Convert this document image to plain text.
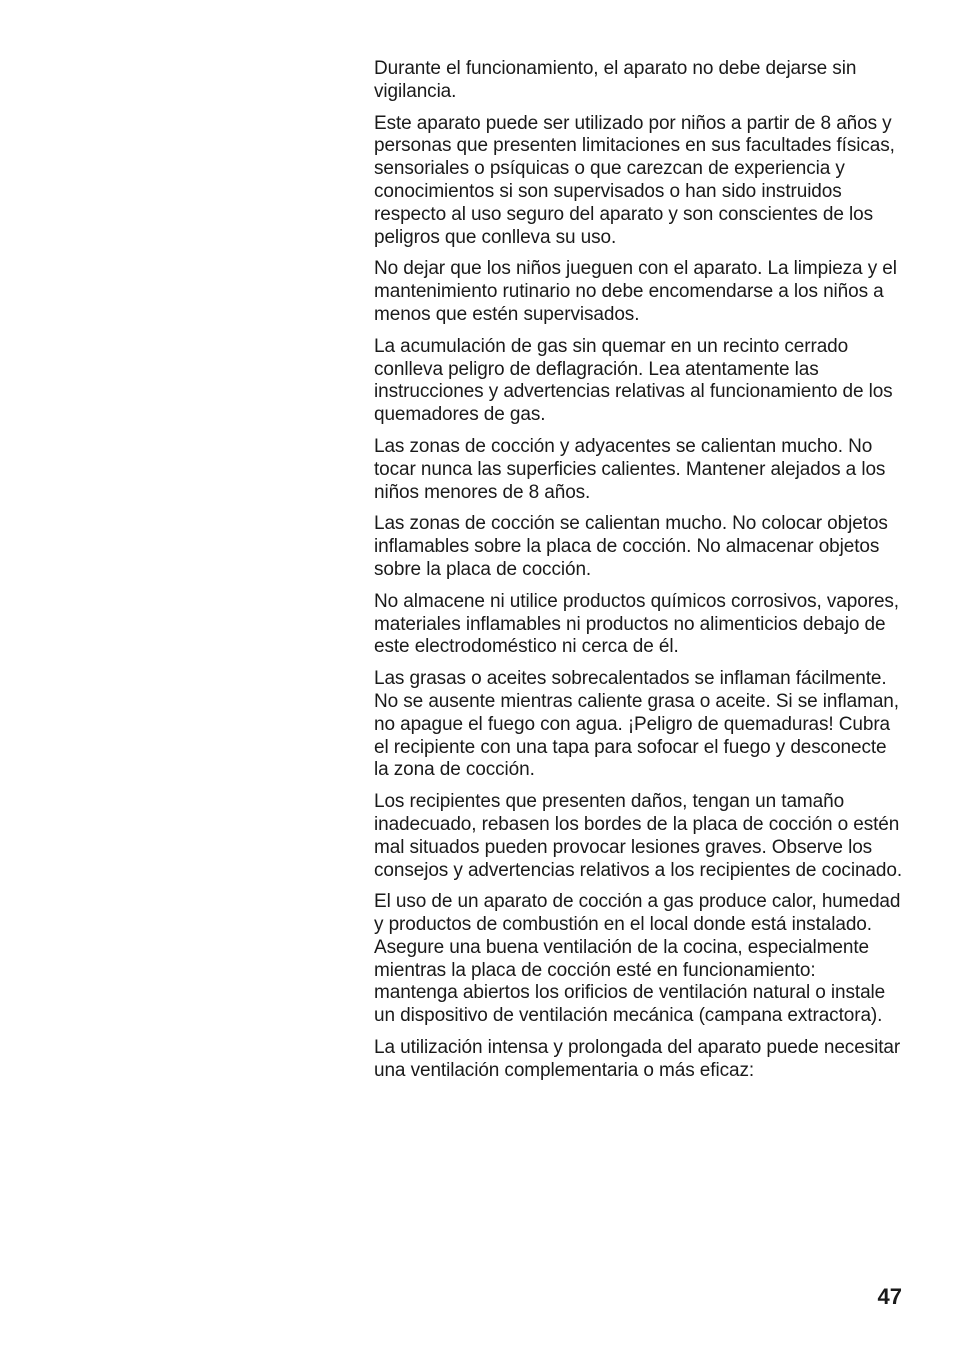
Durante el funcionamiento, el aparato no debe dejarse sin vigilancia.

Este aparato puede ser utilizado por niños a partir de 8 años y personas que presenten limitaciones en sus facultades físicas, sensoriales o psíquicas o que carezcan de experiencia y conocimientos si son supervisados o han sido instruidos respecto al uso seguro del aparato y son conscientes de los peligros que conlleva su uso.

No dejar que los niños jueguen con el aparato. La limpieza y el mantenimiento rutinario no debe encomendarse a los niños a menos que estén supervisados.

La acumulación de gas sin quemar en un recinto cerrado conlleva peligro de deflagración. Lea atentamente las instrucciones y advertencias relativas al funcionamiento de los quemadores de gas.

Las zonas de cocción y adyacentes se calientan mucho. No tocar nunca las superficies calientes. Mantener alejados a los niños menores de 8 años.

Las zonas de cocción se calientan mucho. No colocar objetos inflamables sobre la placa de cocción. No almacenar objetos sobre la placa de cocción.

No almacene ni utilice productos químicos corrosivos, vapores, materiales inflamables ni productos no alimenticios debajo de este electrodoméstico ni cerca de él.

Las grasas o aceites sobrecalentados se inflaman fácilmente. No se ausente mientras caliente grasa o aceite. Si se inflaman, no apague el fuego con agua. ¡Peligro de quemaduras! Cubra el recipiente con una tapa para sofocar el fuego y desconecte la zona de cocción.

Los recipientes que presenten daños, tengan un tamaño inadecuado, rebasen los bordes de la placa de cocción o estén mal situados pueden provocar lesiones graves. Observe los consejos y advertencias relativos a los recipientes de cocinado.

El uso de un aparato de cocción a gas produce calor, humedad y productos de combustión en el local donde está instalado. Asegure una buena ventilación de la cocina, especialmente mientras la placa de cocción esté en funcionamiento: mantenga abiertos los orificios de ventilación natural o instale un dispositivo de ventilación mecánica (campana extractora).

La utilización intensa y prolongada del aparato puede necesitar una ventilación complementaria o más eficaz:

47
